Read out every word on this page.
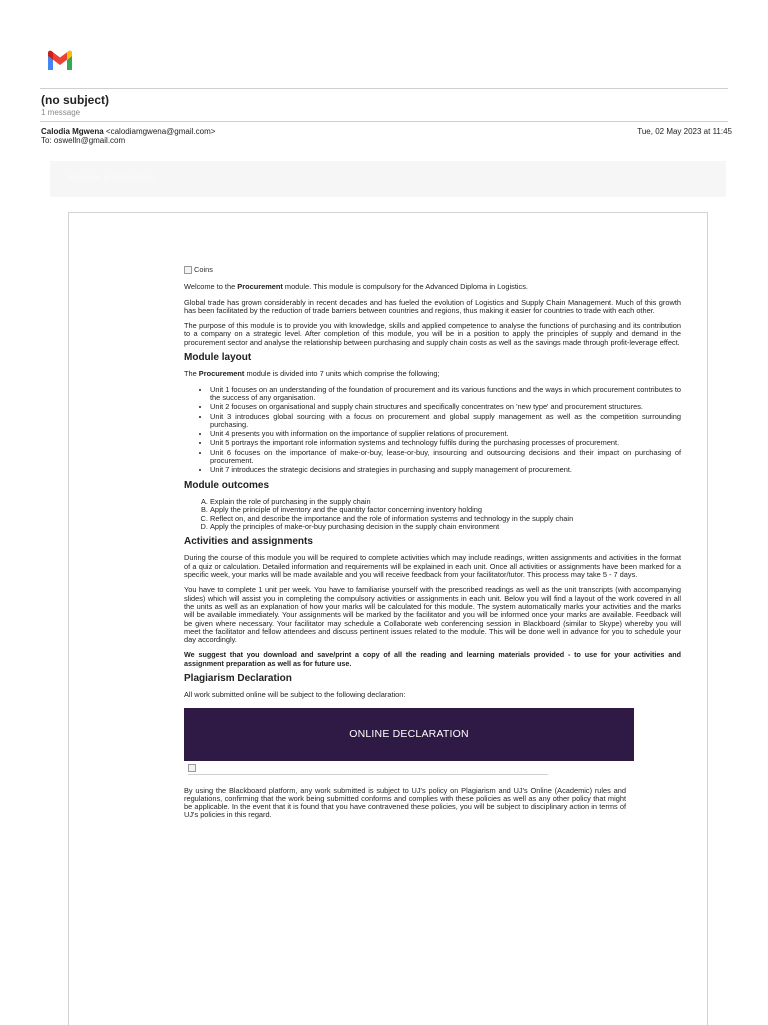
(no subject)
1 message
Calodia Mgwena <calodiamgwena@gmail.com>
To: oswelln@gmail.com
Tue, 02 May 2023 at 11:45
Module introduction
Coins

Welcome to the Procurement module. This module is compulsory for the Advanced Diploma in Logistics.

Global trade has grown considerably in recent decades and has fueled the evolution of Logistics and Supply Chain Management. Much of this growth has been facilitated by the reduction of trade barriers between countries and regions, thus making it easier for countries to trade with each other.

The purpose of this module is to provide you with knowledge, skills and applied competence to analyse the functions of purchasing and its contribution to a company on a strategic level. After completion of this module, you will be in a position to apply the principles of supply and demand in the procurement sector and analyse the relationship between purchasing and supply chain costs as well as the savings made through profit-leverage effect.

Module layout

The Procurement module is divided into 7 units which comprise the following;

• Unit 1 focuses on an understanding of the foundation of procurement and its various functions and the ways in which procurement contributes to the success of any organisation.
• Unit 2 focuses on organisational and supply chain structures and specifically concentrates on 'new type' and procurement structures.
• Unit 3 introduces global sourcing with a focus on procurement and global supply management as well as the competition surrounding purchasing.
• Unit 4 presents you with information on the importance of supplier relations of procurement.
• Unit 5 portrays the important role information systems and technology fulfils during the purchasing processes of procurement.
• Unit 6 focuses on the importance of make-or-buy, lease-or-buy, insourcing and outsourcing decisions and their impact on purchasing of procurement.
• Unit 7 introduces the strategic decisions and strategies in purchasing and supply management of procurement.
Module outcomes
A. Explain the role of purchasing in the supply chain
B. Apply the principle of inventory and the quantity factor concerning inventory holding
C. Reflect on, and describe the importance and the role of information systems and technology in the supply chain
D. Apply the principles of make-or-buy purchasing decision in the supply chain environment
Activities and assignments

During the course of this module you will be required to complete activities which may include readings, written assignments and activities in the format of a quiz or calculation. Detailed information and requirements will be explained in each unit. Once all activities or assignments have been marked for a specific week, your marks will be made available and you will receive feedback from your facilitator/tutor. This process may take 5 - 7 days.

You have to complete 1 unit per week. You have to familiarise yourself with the prescribed readings as well as the unit transcripts (with accompanying slides) which will assist you in completing the compulsory activities or assignments in each unit. Below you will find a layout of the work covered in all the units as well as an explanation of how your marks will be calculated for this module. The system automatically marks your activities and the marks will be available immediately. Your assignments will be marked by the facilitator and you will be informed once your marks are available. Feedback will be given where necessary. Your facilitator may schedule a Collaborate web conferencing session in Blackboard (similar to Skype) whereby you will meet the facilitator and fellow attendees and discuss pertinent issues related to the module. This will be done well in advance for you to schedule your day accordingly.

We suggest that you download and save/print a copy of all the reading and learning materials provided - to use for your activities and assignment preparation as well as for future use.

Plagiarism Declaration

All work submitted online will be subject to the following declaration:

ONLINE DECLARATION

By using the Blackboard platform, any work submitted is subject to UJ's policy on Plagiarism and UJ's Online (Academic) rules and regulations, confirming that the work being submitted conforms and complies with these policies as well as any other policy that might be applicable. In the event that it is found that you have contravened these policies, you will be subject to disciplinary action in terms of UJ's policies in this regard.
